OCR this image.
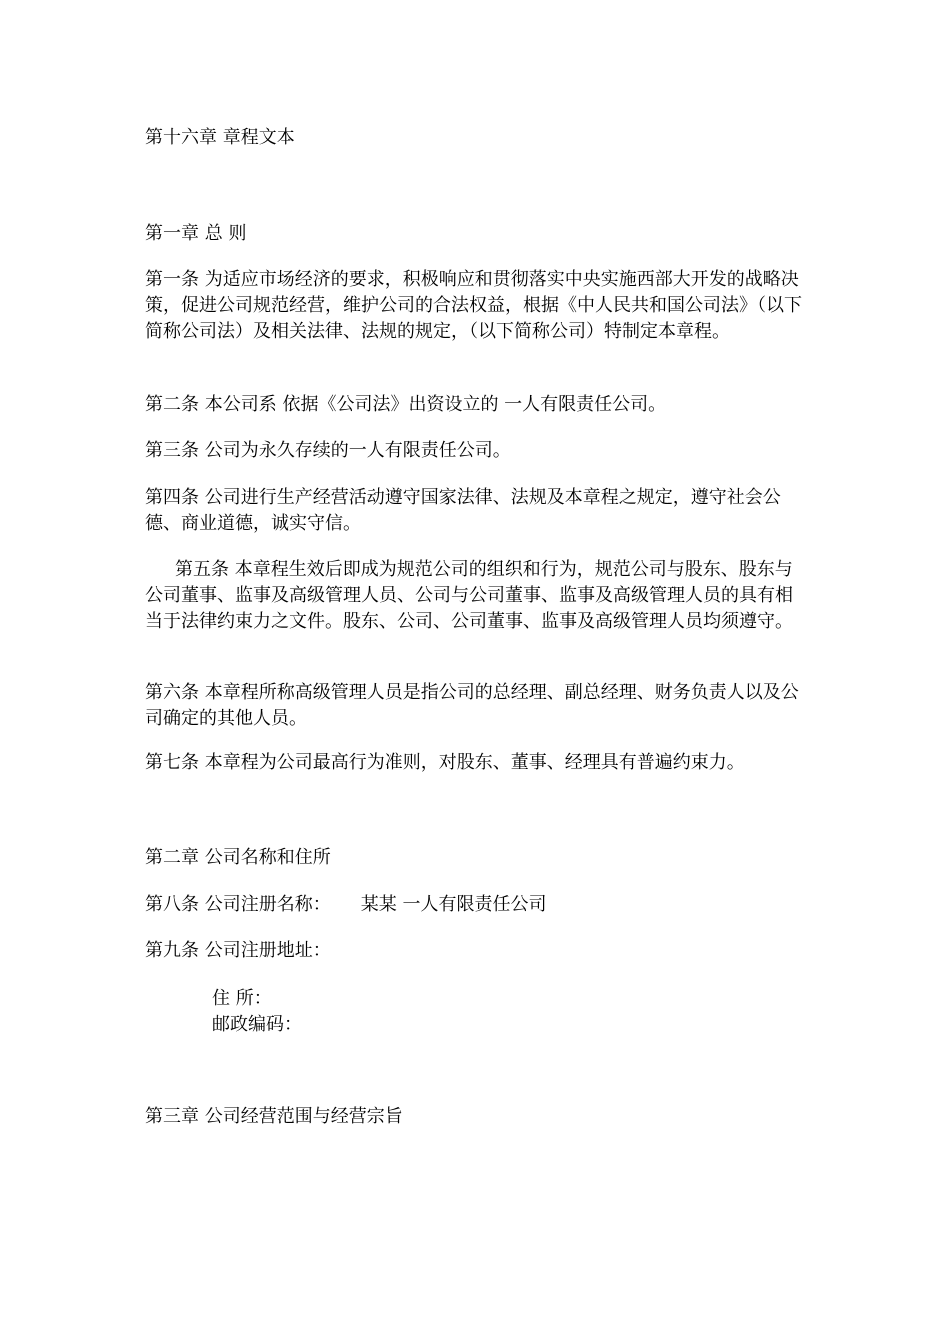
第十六章 章程文本
第一章 总 则
第一条 为适应市场经济的要求，积极响应和贯彻落实中央实施西部大开发的战略决策，促进公司规范经营，维护公司的合法权益，根据《中人民共和国公司法》（以下简称公司法）及相关法律、法规的规定，（以下简称公司）特制定本章程。
第二条 本公司系 依据《公司法》出资设立的 一人有限责任公司。
第三条 公司为永久存续的一人有限责任公司。
第四条 公司进行生产经营活动遵守国家法律、法规及本章程之规定，遵守社会公德、商业道德，诚实守信。
第五条 本章程生效后即成为规范公司的组织和行为，规范公司与股东、股东与公司董事、监事及高级管理人员、公司与公司董事、监事及高级管理人员的具有相当于法律约束力之文件。股东、公司、公司董事、监事及高级管理人员均须遵守。
第六条 本章程所称高级管理人员是指公司的总经理、副总经理、财务负责人以及公司确定的其他人员。
第七条 本章程为公司最高行为准则，对股东、董事、经理具有普遍约束力。
第二章 公司名称和住所
第八条 公司注册名称： 某某 一人有限责任公司
第九条 公司注册地址：
住 所：
邮政编码：
第三章 公司经营范围与经营宗旨
